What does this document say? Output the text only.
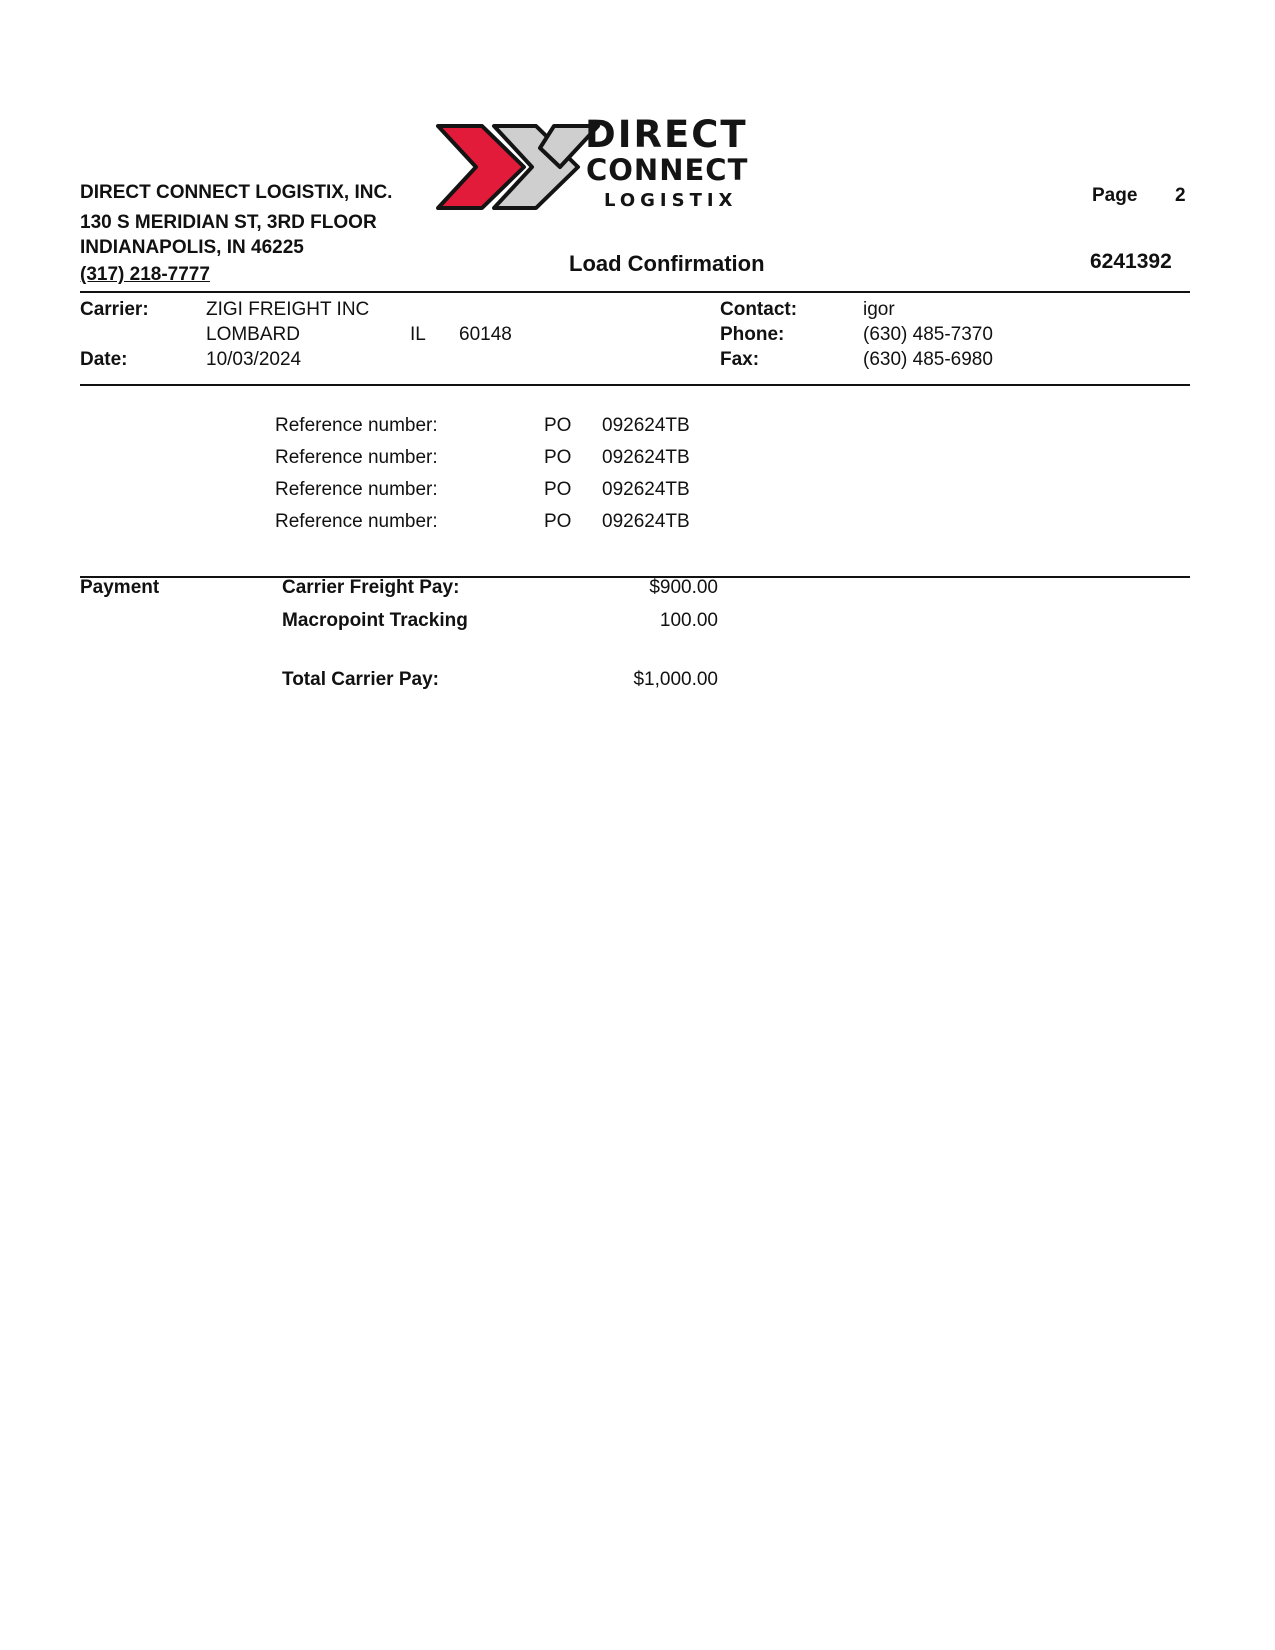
DIRECT CONNECT LOGISTIX, INC.
130 S MERIDIAN ST, 3RD FLOOR
INDIANAPOLIS, IN 46225
(317) 218-7777
DIRECT
CONNECT
LOGISTIX	Page 2
Load Confirmation	6241392
Carrier:	ZIGI FREIGHT INC
LOMBARD	IL 60148
Date:	10/03/2024
Contact:	igor
Phone:	(630) 485-7370
Fax:	(630) 485-6980
Reference number:	PO 092624TB
Reference number:	PO 092624TB
Reference number:	PO 092624TB
Reference number:	PO 092624TB
Payment	Carrier Freight Pay:	$900.00
Macropoint Tracking	100.00
Total Carrier Pay:	$1,000.00
